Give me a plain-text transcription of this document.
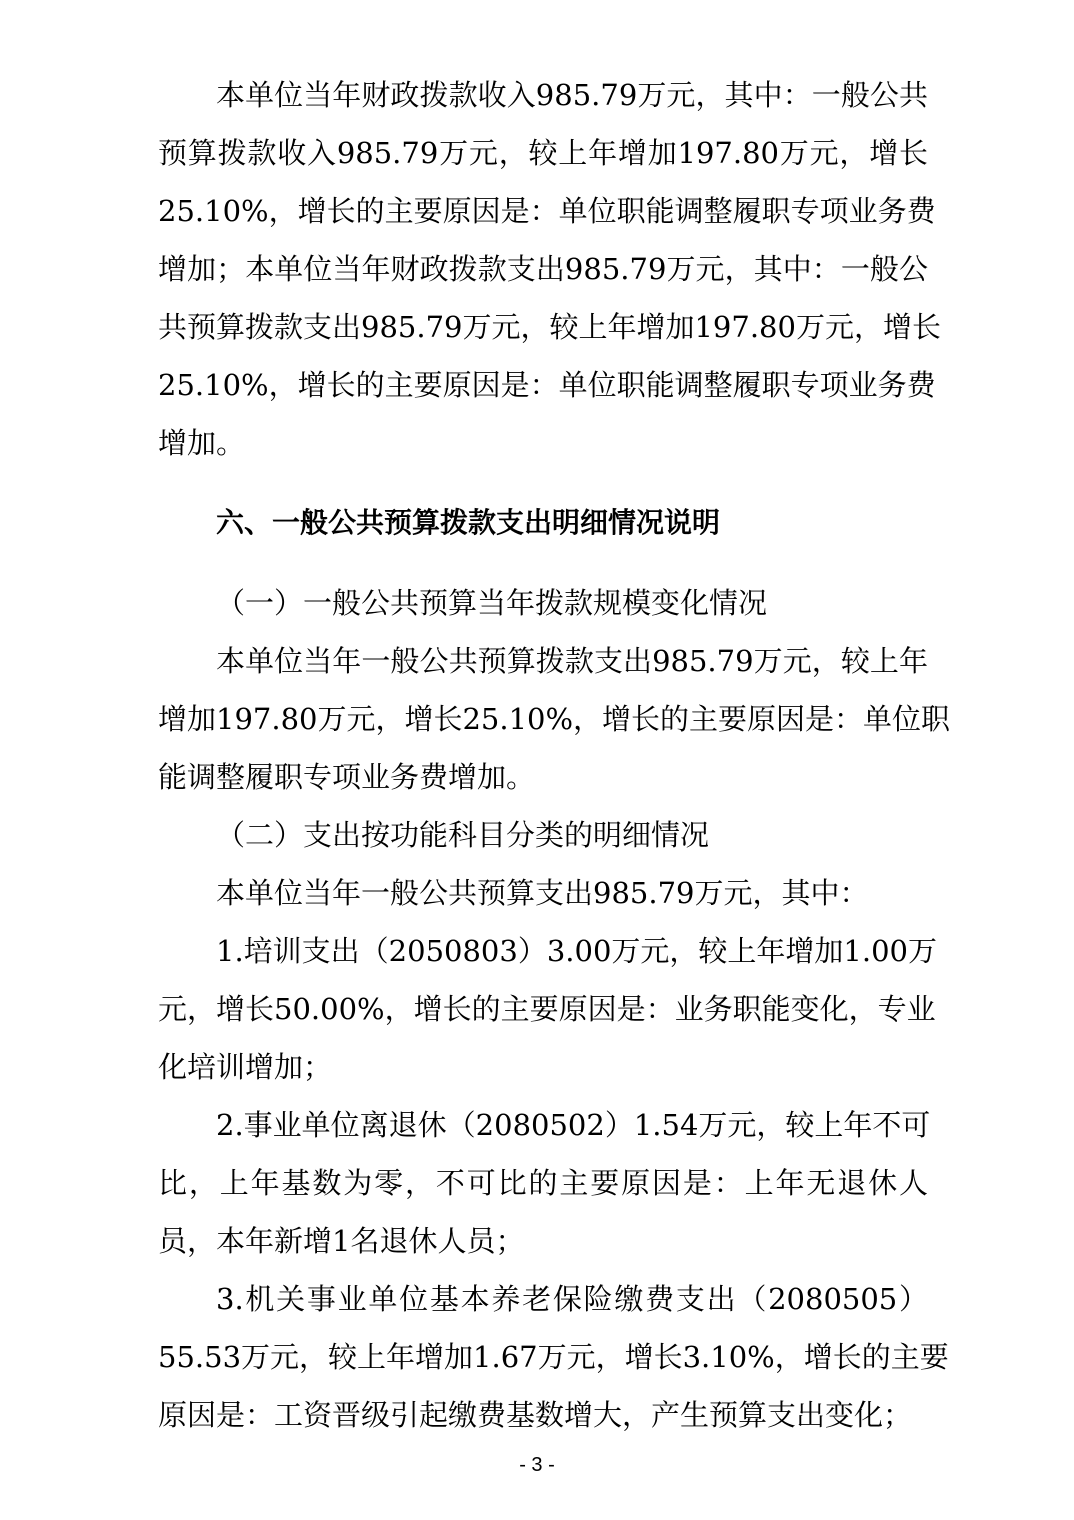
本单位当年财政拨款收入985.79万元，其中：一般公共
预算拨款收入985.79万元，较上年增加197.80万元，增长
25.10%，增长的主要原因是：单位职能调整履职专项业务费
增加；本单位当年财政拨款支出985.79万元，其中：一般公
共预算拨款支出985.79万元，较上年增加197.80万元，增长
25.10%，增长的主要原因是：单位职能调整履职专项业务费
增加。
六、一般公共预算拨款支出明细情况说明
（一）一般公共预算当年拨款规模变化情况
本单位当年一般公共预算拨款支出985.79万元，较上年
增加197.80万元，增长25.10%，增长的主要原因是：单位职
能调整履职专项业务费增加。
（二）支出按功能科目分类的明细情况
本单位当年一般公共预算支出985.79万元，其中：
1.培训支出（2050803）3.00万元，较上年增加1.00万
元，增长50.00%，增长的主要原因是：业务职能变化，专业
化培训增加；
2.事业单位离退休（2080502）1.54万元，较上年不可
比，上年基数为零，不可比的主要原因是：上年无退休人
员，本年新增1名退休人员；
3.机关事业单位基本养老保险缴费支出（2080505）
55.53万元，较上年增加1.67万元，增长3.10%，增长的主要
原因是：工资晋级引起缴费基数增大，产生预算支出变化；
- 3 -
